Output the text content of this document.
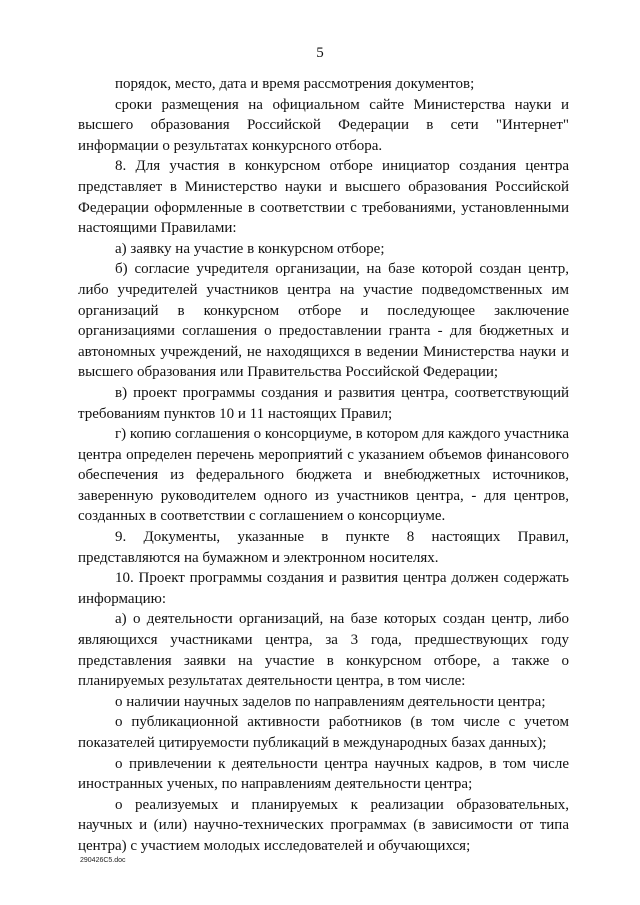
5

порядок, место, дата и время рассмотрения документов;

сроки размещения на официальном сайте Министерства науки и высшего образования Российской Федерации в сети "Интернет" информации о результатах конкурсного отбора.

8. Для участия в конкурсном отборе инициатор создания центра представляет в Министерство науки и высшего образования Российской Федерации оформленные в соответствии с требованиями, установленными настоящими Правилами:

а) заявку на участие в конкурсном отборе;

б) согласие учредителя организации, на базе которой создан центр, либо учредителей участников центра на участие подведомственных им организаций в конкурсном отборе и последующее заключение организациями соглашения о предоставлении гранта - для бюджетных и автономных учреждений, не находящихся в ведении Министерства науки и высшего образования или Правительства Российской Федерации;

в) проект программы создания и развития центра, соответствующий требованиям пунктов 10 и 11 настоящих Правил;

г) копию соглашения о консорциуме, в котором для каждого участника центра определен перечень мероприятий с указанием объемов финансового обеспечения из федерального бюджета и внебюджетных источников, заверенную руководителем одного из участников центра, - для центров, созданных в соответствии с соглашением о консорциуме.

9. Документы, указанные в пункте 8 настоящих Правил, представляются на бумажном и электронном носителях.

10. Проект программы создания и развития центра должен содержать информацию:

а) о деятельности организаций, на базе которых создан центр, либо являющихся участниками центра, за 3 года, предшествующих году представления заявки на участие в конкурсном отборе, а также о планируемых результатах деятельности центра, в том числе:

о наличии научных заделов по направлениям деятельности центра;

о публикационной активности работников (в том числе с учетом показателей цитируемости публикаций в международных базах данных);

о привлечении к деятельности центра научных кадров, в том числе иностранных ученых, по направлениям деятельности центра;

о реализуемых и планируемых к реализации образовательных, научных и (или) научно-технических программах (в зависимости от типа центра) с участием молодых исследователей и обучающихся;

290426С5.doc
